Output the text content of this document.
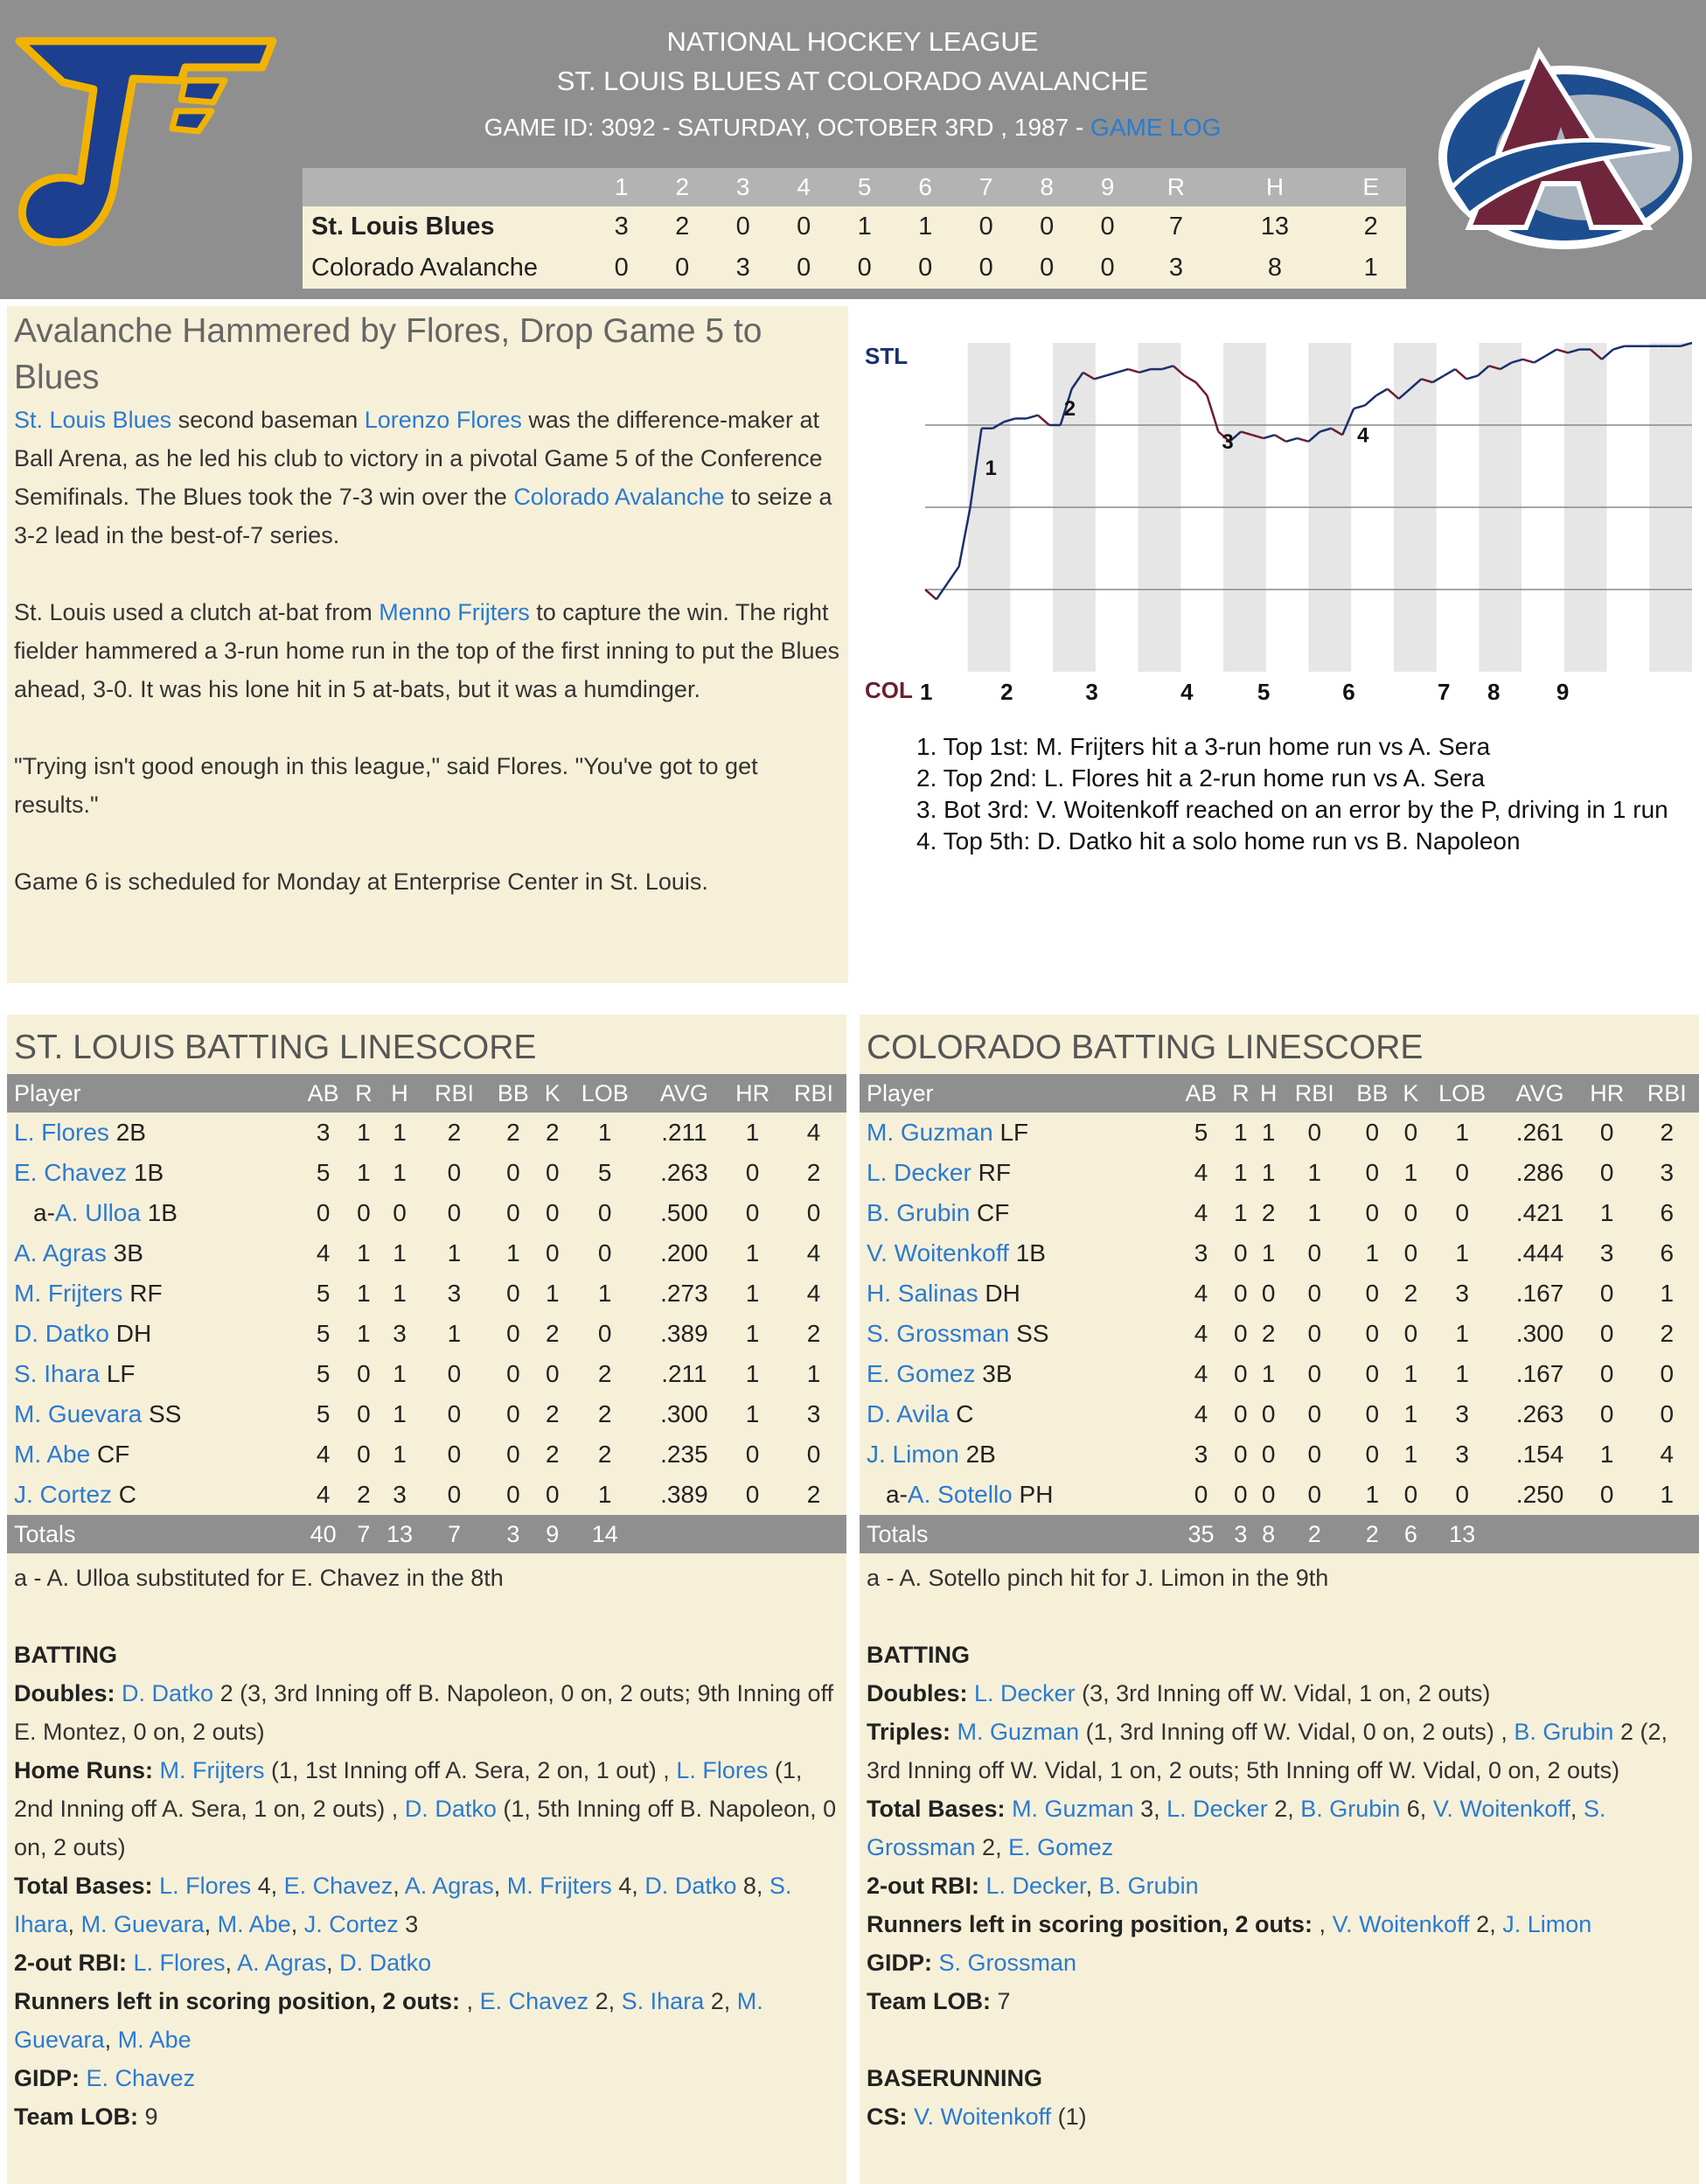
NATIONAL HOCKEY LEAGUE
ST. LOUIS BLUES AT COLORADO AVALANCHE
GAME ID: 3092 - SATURDAY, OCTOBER 3RD , 1987 - GAME LOG
	1	2	3	4	5	6	7	8	9	R	H	E
St. Louis Blues	3	2	0	0	1	1	0	0	0	7	13	2
Colorado Avalanche	0	0	3	0	0	0	0	0	0	3	8	1
Avalanche Hammered by Flores, Drop Game 5 to Blues

St. Louis Blues second baseman Lorenzo Flores was the difference-maker at Ball Arena, as he led his club to victory in a pivotal Game 5 of the Conference Semifinals. The Blues took the 7-3 win over the Colorado Avalanche to seize a 3-2 lead in the best-of-7 series.

St. Louis used a clutch at-bat from Menno Frijters to capture the win. The right fielder hammered a 3-run home run in the top of the first inning to put the Blues ahead, 3-0. It was his lone hit in 5 at-bats, but it was a humdinger.

"Trying isn't good enough in this league," said Flores. "You've got to get results."

Game 6 is scheduled for Monday at Enterprise Center in St. Louis.

1
2
3	4
1	2	3	4	5	6	7 8 9
STL
COL
1. Top 1st: M. Frijters hit a 3-run home run vs A. Sera
2. Top 2nd: L. Flores hit a 2-run home run vs A. Sera
3. Bot 3rd: V. Woitenkoff reached on an error by the P, driving in 1 run
4. Top 5th: D. Datko hit a solo home run vs B. Napoleon
ST. LOUIS BATTING LINESCORE
Player	AB	R	H	RBI	BB	K	LOB	AVG	HR	RBI
L. Flores 2B	3	1	1	2	2	2	1	.211	1	4
E. Chavez 1B	5	1	1	0	0	0	5	.263	0	2
a-A. Ulloa 1B	0	0	0	0	0	0	0	.500	0	0
A. Agras 3B	4	1	1	1	1	0	0	.200	1	4
M. Frijters RF	5	1	1	3	0	1	1	.273	1	4
D. Datko DH	5	1	3	1	0	2	0	.389	1	2
S. Ihara LF	5	0	1	0	0	0	2	.211	1	1
M. Guevara SS	5	0	1	0	0	2	2	.300	1	3
M. Abe CF	4	0	1	0	0	2	2	.235	0	0
J. Cortez C	4	2	3	0	0	0	1	.389	0	2
Totals	40	7	13	7	3	9	14			
a - A. Ulloa substituted for E. Chavez in the 8th
BATTING
Doubles: D. Datko 2 (3, 3rd Inning off B. Napoleon, 0 on, 2 outs; 9th Inning off E. Montez, 0 on, 2 outs)
Home Runs: M. Frijters (1, 1st Inning off A. Sera, 2 on, 1 out) , L. Flores (1, 2nd Inning off A. Sera, 1 on, 2 outs) , D. Datko (1, 5th Inning off B. Napoleon, 0 on, 2 outs)
Total Bases: L. Flores 4, E. Chavez, A. Agras, M. Frijters 4, D. Datko 8, S. Ihara, M. Guevara, M. Abe, J. Cortez 3
2-out RBI: L. Flores, A. Agras, D. Datko
Runners left in scoring position, 2 outs: , E. Chavez 2, S. Ihara 2, M. Guevara, M. Abe
GIDP: E. Chavez
Team LOB: 9
COLORADO BATTING LINESCORE
Player	AB	R	H	RBI	BB	K	LOB	AVG	HR	RBI
M. Guzman LF	5	1	1	0	0	0	1	.261	0	2
L. Decker RF	4	1	1	1	0	1	0	.286	0	3
B. Grubin CF	4	1	2	1	0	0	0	.421	1	6
V. Woitenkoff 1B	3	0	1	0	1	0	1	.444	3	6
H. Salinas DH	4	0	0	0	0	2	3	.167	0	1
S. Grossman SS	4	0	2	0	0	0	1	.300	0	2
E. Gomez 3B	4	0	1	0	0	1	1	.167	0	0
D. Avila C	4	0	0	0	0	1	3	.263	0	0
J. Limon 2B	3	0	0	0	0	1	3	.154	1	4
a-A. Sotello PH	0	0	0	0	1	0	0	.250	0	1
Totals	35	3	8	2	2	6	13			
a - A. Sotello pinch hit for J. Limon in the 9th
BATTING
Doubles: L. Decker (3, 3rd Inning off W. Vidal, 1 on, 2 outs)
Triples: M. Guzman (1, 3rd Inning off W. Vidal, 0 on, 2 outs) , B. Grubin 2 (2, 3rd Inning off W. Vidal, 1 on, 2 outs; 5th Inning off W. Vidal, 0 on, 2 outs)
Total Bases: M. Guzman 3, L. Decker 2, B. Grubin 6, V. Woitenkoff, S. Grossman 2, E. Gomez
2-out RBI: L. Decker, B. Grubin
Runners left in scoring position, 2 outs: , V. Woitenkoff 2, J. Limon
GIDP: S. Grossman
Team LOB: 7
BASERUNNING
CS: V. Woitenkoff (1)
